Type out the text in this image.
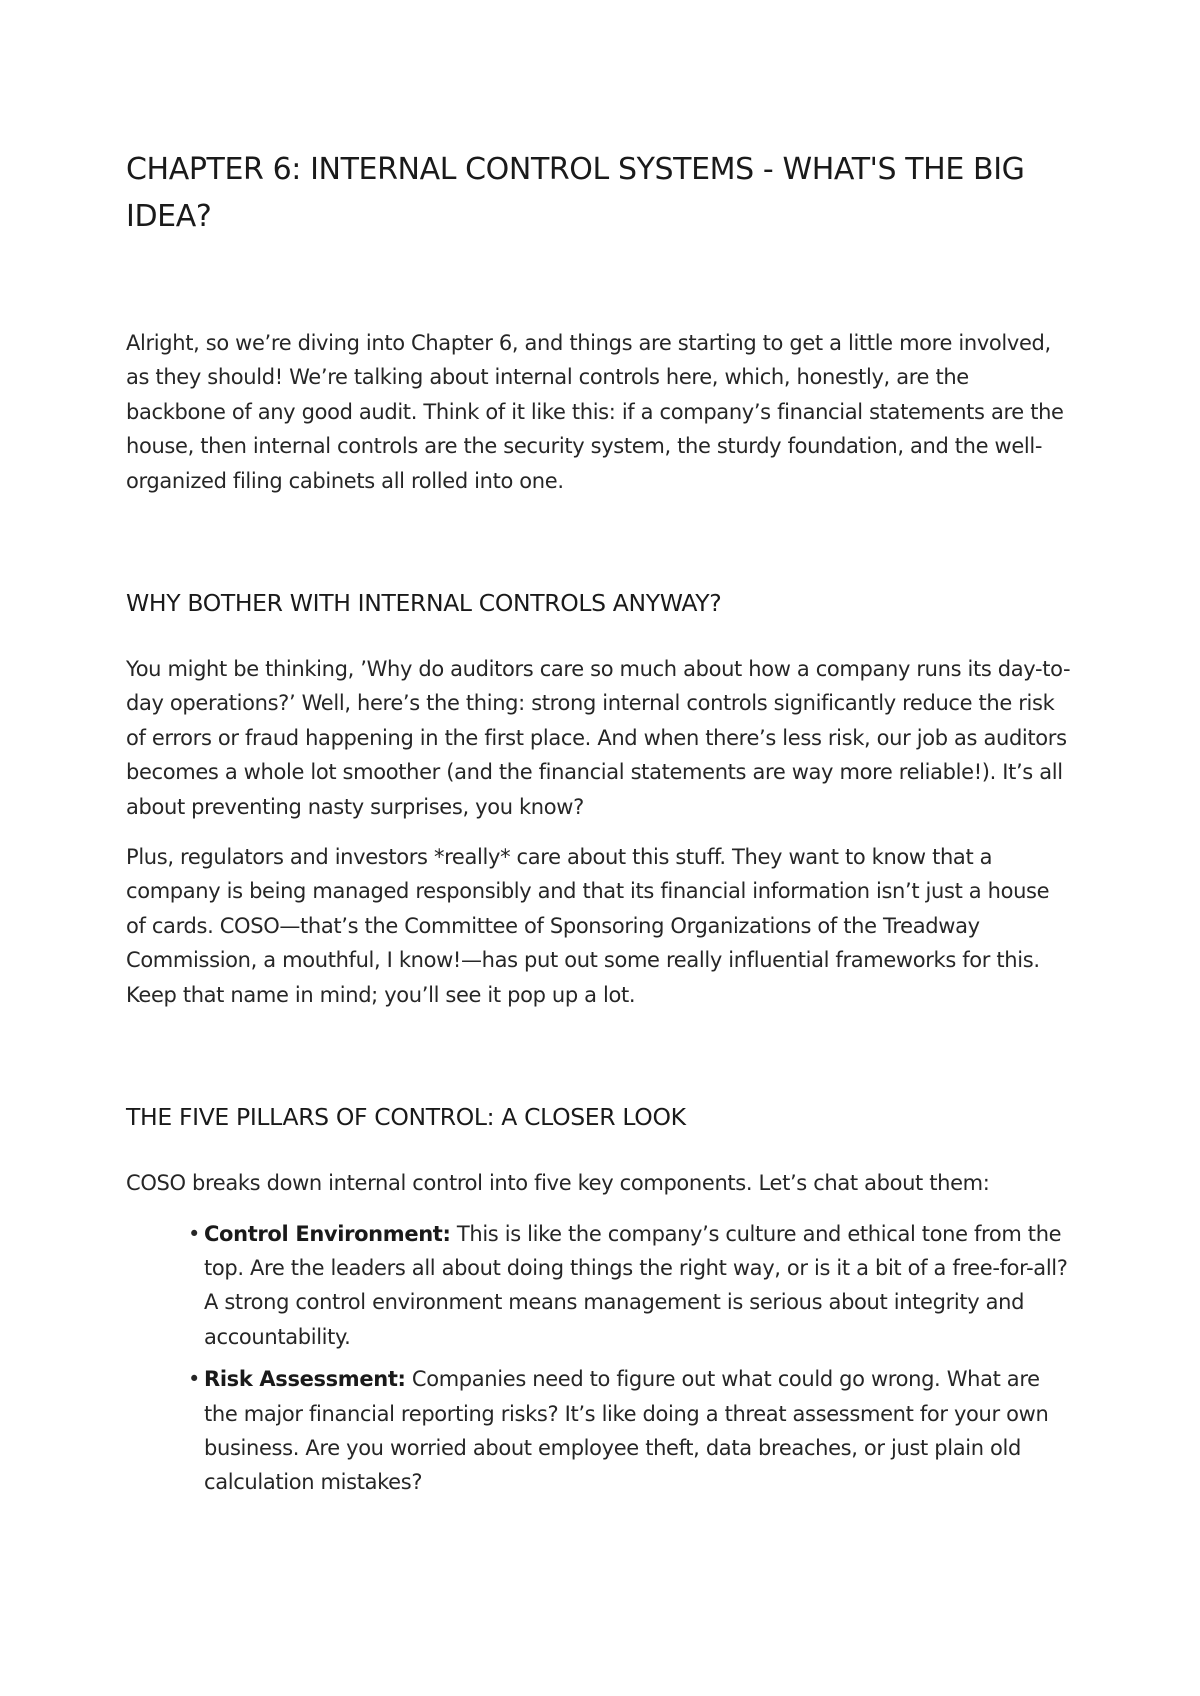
CHAPTER 6: INTERNAL CONTROL SYSTEMS - WHAT'S THE BIG IDEA?

Alright, so we’re diving into Chapter 6, and things are starting to get a little more involved, as they should! We’re talking about internal controls here, which, honestly, are the backbone of any good audit. Think of it like this: if a company’s financial statements are the house, then internal controls are the security system, the sturdy foundation, and the well-organized filing cabinets all rolled into one.

WHY BOTHER WITH INTERNAL CONTROLS ANYWAY?

You might be thinking, ’Why do auditors care so much about how a company runs its day-to-day operations?’ Well, here’s the thing: strong internal controls significantly reduce the risk of errors or fraud happening in the first place. And when there’s less risk, our job as auditors becomes a whole lot smoother (and the financial statements are way more reliable!). It’s all about preventing nasty surprises, you know?

Plus, regulators and investors *really* care about this stuff. They want to know that a company is being managed responsibly and that its financial information isn’t just a house of cards. COSO—that’s the Committee of Sponsoring Organizations of the Treadway Commission, a mouthful, I know!—has put out some really influential frameworks for this. Keep that name in mind; you’ll see it pop up a lot.

THE FIVE PILLARS OF CONTROL: A CLOSER LOOK

COSO breaks down internal control into five key components. Let’s chat about them:

• Control Environment: This is like the company’s culture and ethical tone from the top. Are the leaders all about doing things the right way, or is it a bit of a free-for-all? A strong control environment means management is serious about integrity and accountability.
• Risk Assessment: Companies need to figure out what could go wrong. What are the major financial reporting risks? It’s like doing a threat assessment for your own business. Are you worried about employee theft, data breaches, or just plain old calculation mistakes?
